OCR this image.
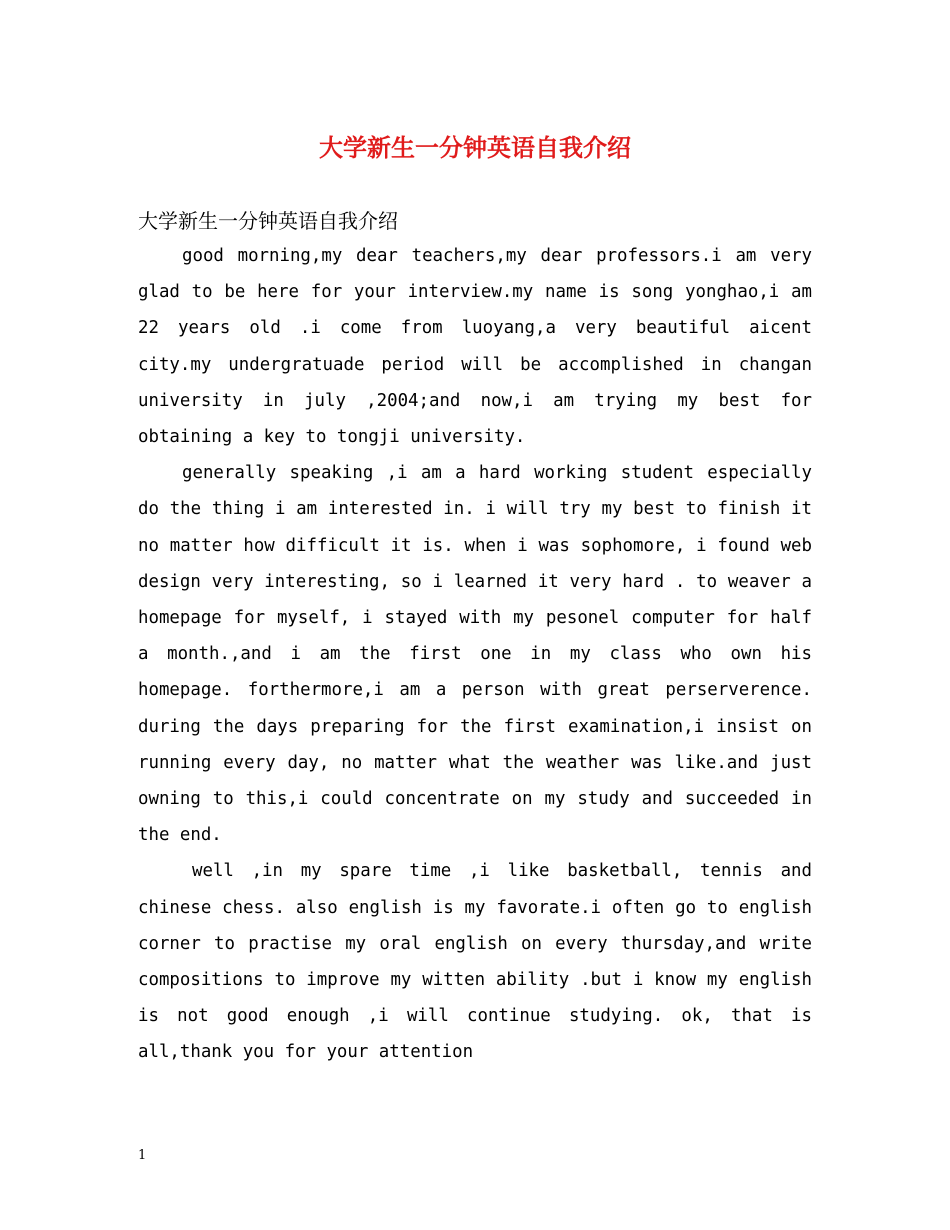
大学新生一分钟英语自我介绍

大学新生一分钟英语自我介绍

good morning,my dear teachers,my dear professors.i am very glad to be here for your interview.my name is song yonghao,i am 22 years old .i come from luoyang,a very beautiful aicent city.my undergratuade period will be accomplished in changan university in july ,2004;and now,i am trying my best for obtaining a key to tongji university.

generally speaking ,i am a hard working student especially do the thing i am interested in. i will try my best to finish it no matter how difficult it is. when i was sophomore, i found web design very interesting, so i learned it very hard . to weaver a homepage for myself, i stayed with my pesonel computer for half a month.,and i am the first one in my class who own his homepage. forthermore,i am a person with great perserverence. during the days preparing for the first examination,i insist on running every day, no matter what the weather was like.and just owning to this,i could concentrate on my study and succeeded in the end.

well ,in my spare time ,i like basketball, tennis and chinese chess. also english is my favorate.i often go to english corner to practise my oral english on every thursday,and write compositions to improve my witten ability .but i know my english is not good enough ,i will continue studying. ok, that is all,thank you for your attention

1
